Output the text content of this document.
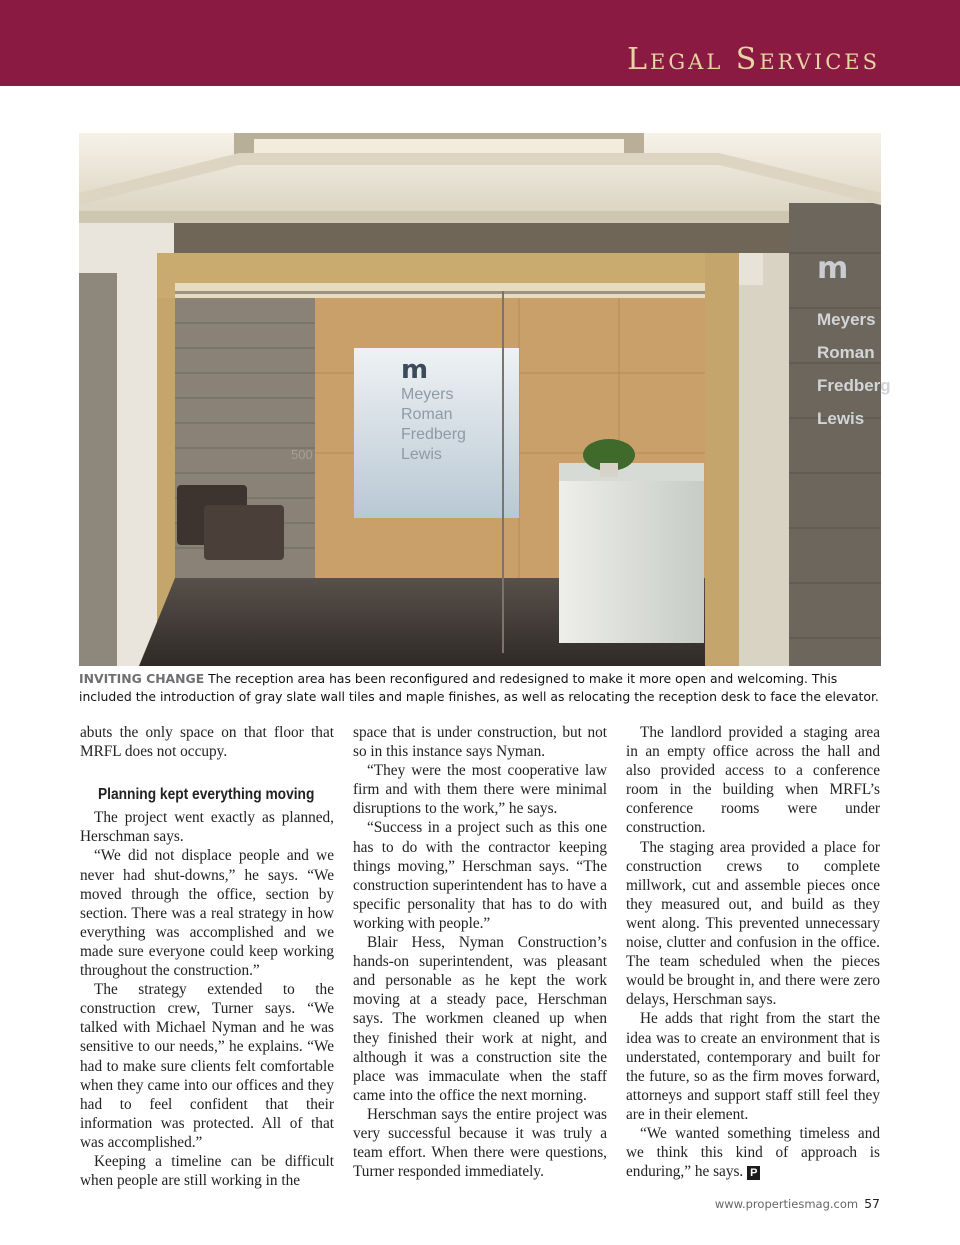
Legal Services
m
Meyers
Roman
Fredberg
Lewis
500
m
Meyers
Roman
Fredberg
Lewis
INVITING CHANGE The reception area has been reconfigured and redesigned to make it more open and welcoming. This included the introduction of gray slate wall tiles and maple finishes, as well as relocating the reception desk to face the elevator.

abuts the only space on that floor that MRFL does not occupy.

Planning kept everything moving

The project went exactly as planned, Herschman says.

“We did not displace people and we never had shut-downs,” he says. “We moved through the office, section by section. There was a real strategy in how everything was accomplished and we made sure everyone could keep working throughout the construction.”

The strategy extended to the construction crew, Turner says. “We talked with Michael Nyman and he was sensitive to our needs,” he explains. “We had to make sure clients felt comfortable when they came into our offices and they had to feel confident that their information was protected. All of that was accomplished.”

Keeping a timeline can be difficult when people are still working in the

space that is under construction, but not so in this instance says Nyman.

“They were the most cooperative law firm and with them there were minimal disruptions to the work,” he says.

“Success in a project such as this one has to do with the contractor keeping things moving,” Herschman says. “The construction superintendent has to have a specific personality that has to do with working with people.”

Blair Hess, Nyman Construction’s hands-on superintendent, was pleasant and personable as he kept the work moving at a steady pace, Herschman says. The workmen cleaned up when they finished their work at night, and although it was a construction site the place was immaculate when the staff came into the office the next morning.

Herschman says the entire project was very successful because it was truly a team effort. When there were questions, Turner responded immediately.

The landlord provided a staging area in an empty office across the hall and also provided access to a conference room in the building when MRFL’s conference rooms were under construction.

The staging area provided a place for construction crews to complete millwork, cut and assemble pieces once they measured out, and build as they went along. This prevented unnecessary noise, clutter and confusion in the office. The team scheduled when the pieces would be brought in, and there were zero delays, Herschman says.

He adds that right from the start the idea was to create an environment that is understated, contemporary and built for the future, so as the firm moves forward, attorneys and support staff still feel they are in their element.

“We wanted something timeless and we think this kind of approach is enduring,” he says. P

www.propertiesmag.com 57
